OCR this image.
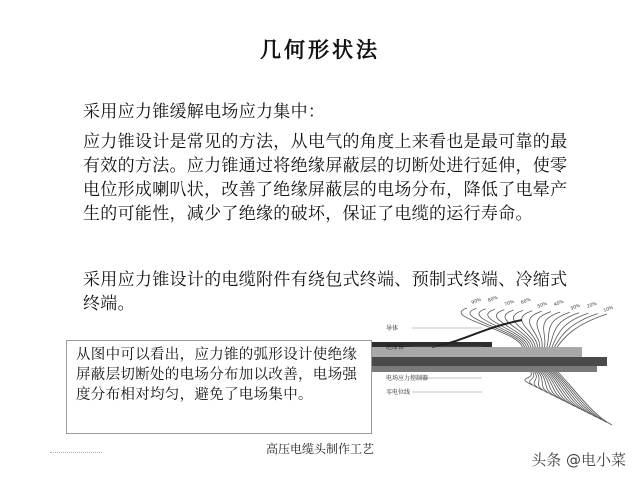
几何形状法
采用应力锥缓解电场应力集中：
应力锥设计是常见的方法，从电气的角度上来看也是最可靠的最有效的方法。应力锥通过将绝缘屏蔽层的切断处进行延伸，使零电位形成喇叭状，改善了绝缘屏蔽层的电场分布，降低了电晕产生的可能性，减少了绝缘的破坏，保证了电缆的运行寿命。
采用应力锥设计的电缆附件有绕包式终端、预制式终端、冷缩式终端。
从图中可以看出，应力锥的弧形设计使绝缘屏蔽层切断处的电场分布加以改善，电场强度分布相对均匀，避免了电场集中。
导体
绝缘体
电场应力控制器
零电位线
90% 80% 70% 60% 50% 40% 30% 20% 10%
高压电缆头制作工艺
头条 @电小菜
